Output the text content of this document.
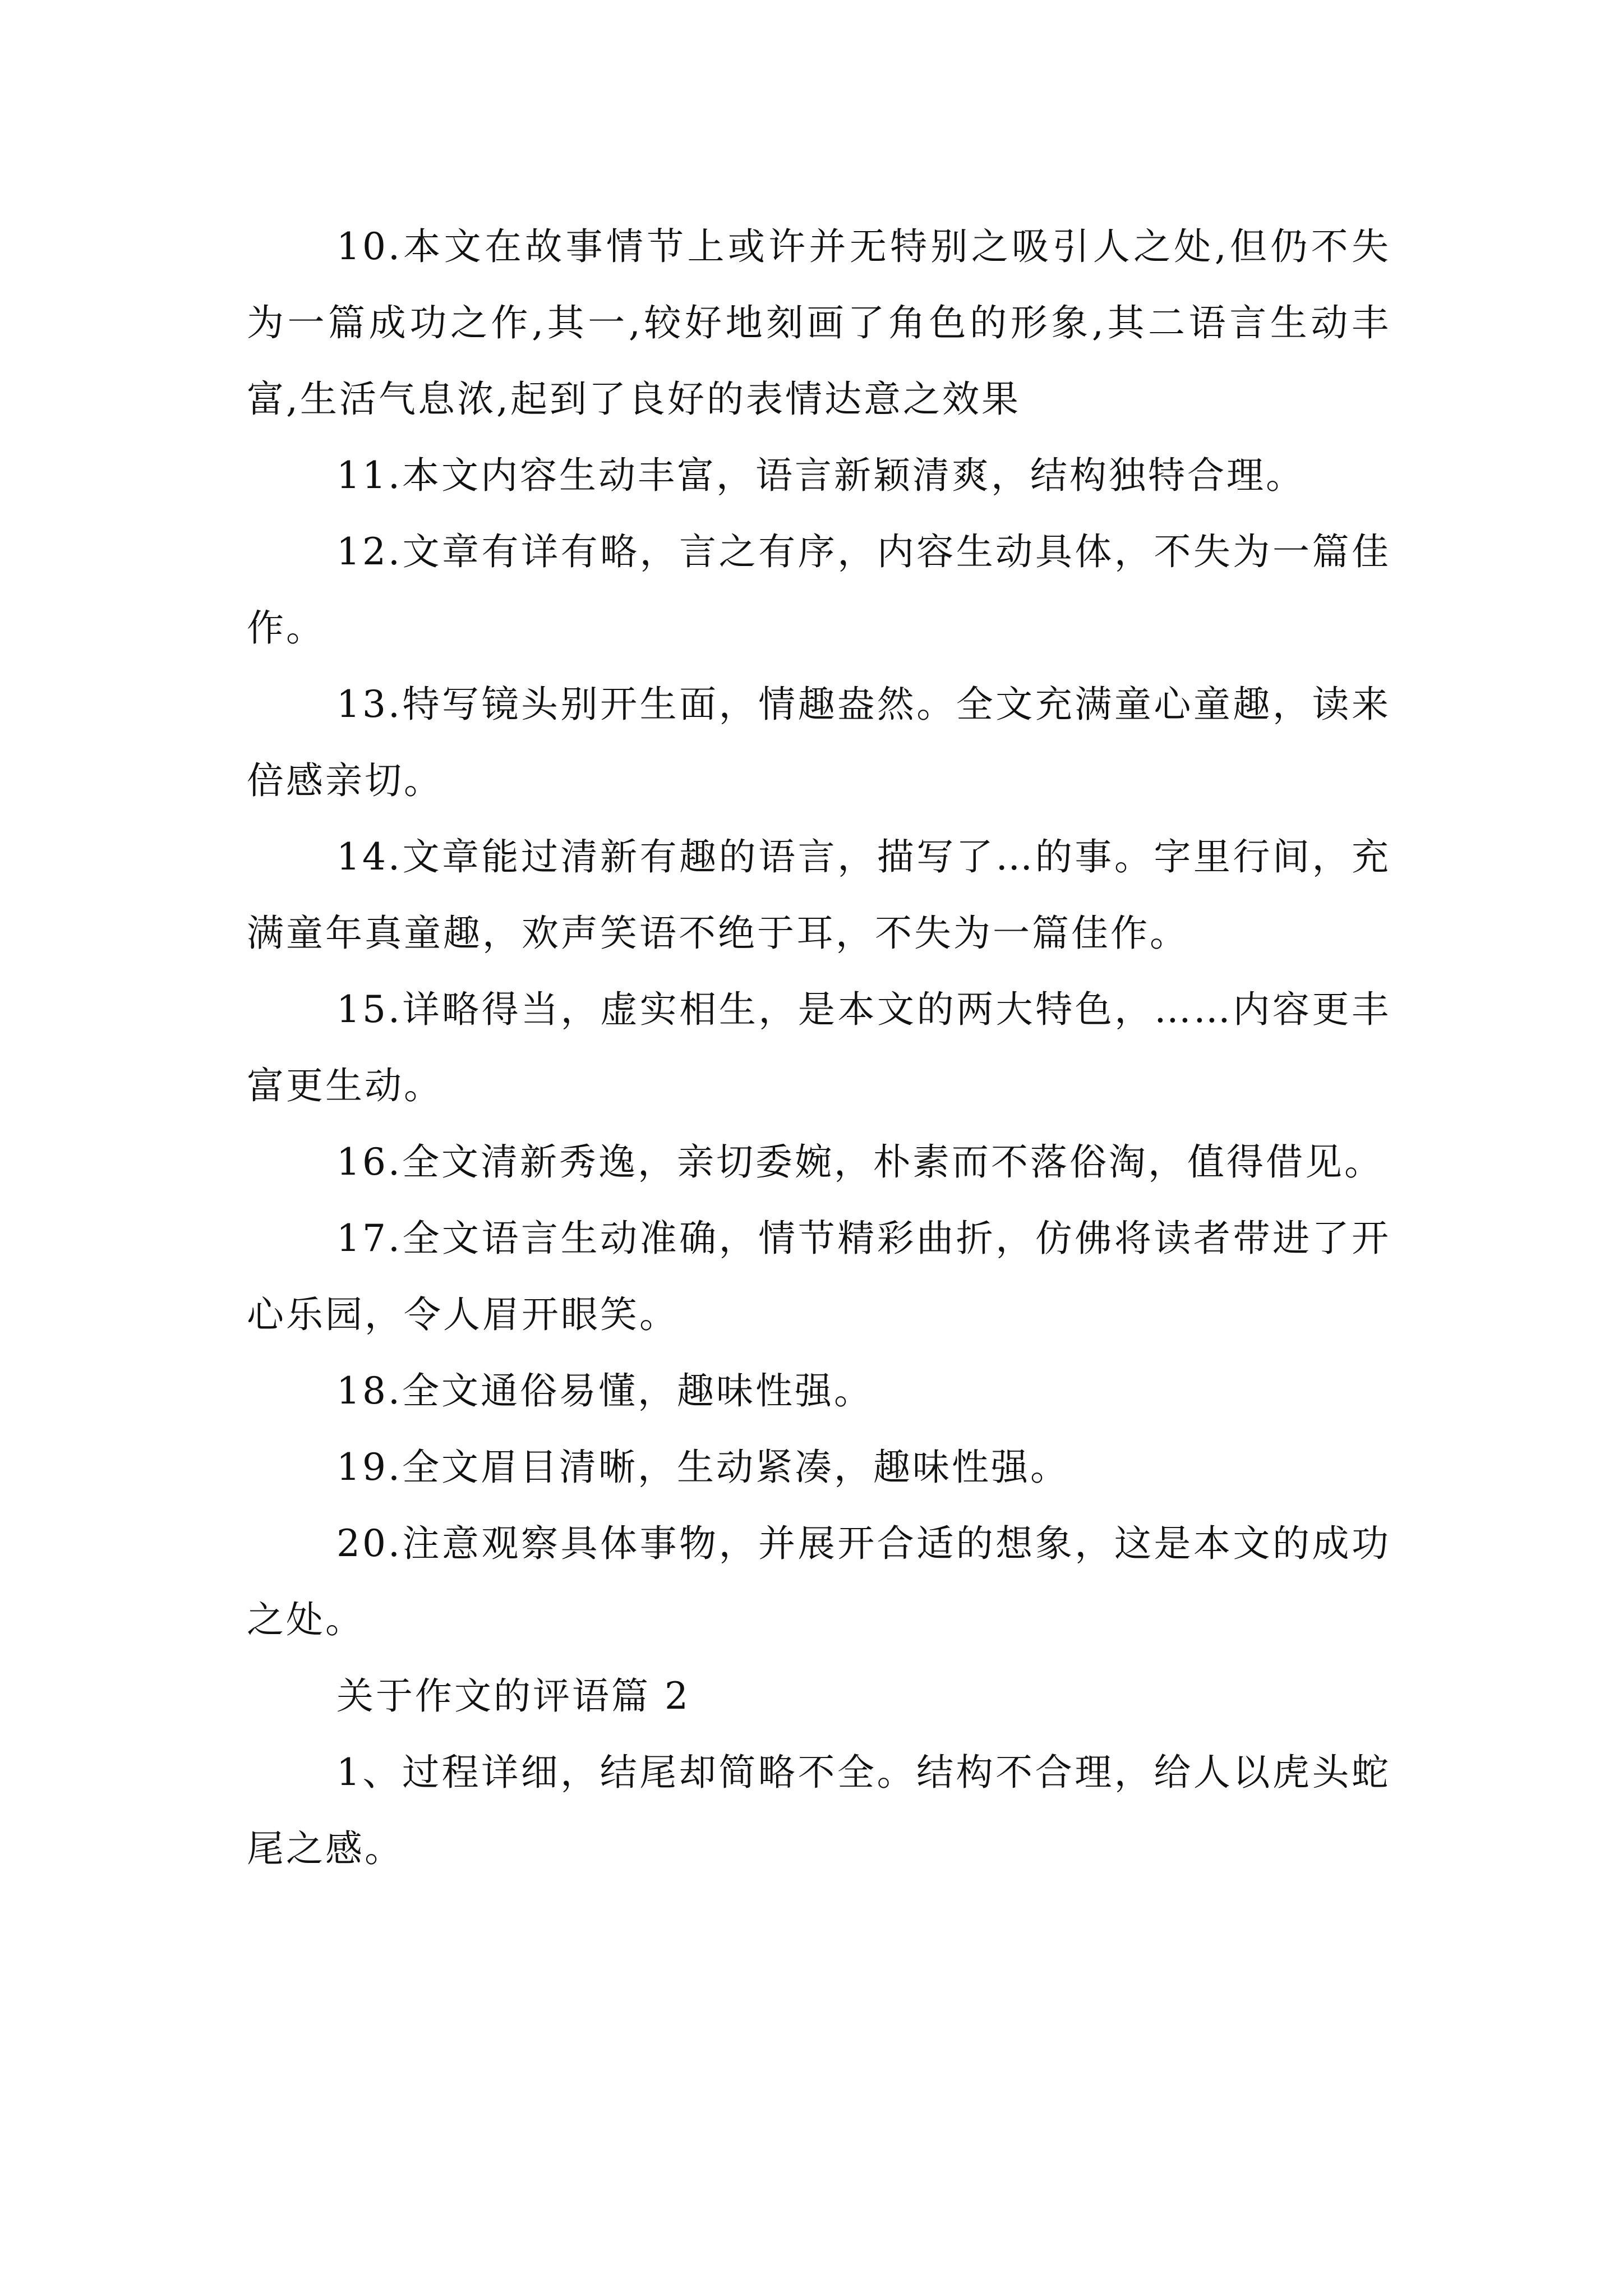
10.本文在故事情节上或许并无特别之吸引人之处,但仍不失为一篇成功之作,其一,较好地刻画了角色的形象,其二语言生动丰富,生活气息浓,起到了良好的表情达意之效果

11.本文内容生动丰富，语言新颖清爽，结构独特合理。

12.文章有详有略，言之有序，内容生动具体，不失为一篇佳作。

13.特写镜头别开生面，情趣盎然。全文充满童心童趣，读来倍感亲切。

14.文章能过清新有趣的语言，描写了…的事。字里行间，充满童年真童趣，欢声笑语不绝于耳，不失为一篇佳作。

15.详略得当，虚实相生，是本文的两大特色，……内容更丰富更生动。

16.全文清新秀逸，亲切委婉，朴素而不落俗淘，值得借见。

17.全文语言生动准确，情节精彩曲折，仿佛将读者带进了开心乐园，令人眉开眼笑。

18.全文通俗易懂，趣味性强。

19.全文眉目清晰，生动紧凑，趣味性强。

20.注意观察具体事物，并展开合适的想象，这是本文的成功之处。

关于作文的评语篇 2

1、过程详细，结尾却简略不全。结构不合理，给人以虎头蛇尾之感。
